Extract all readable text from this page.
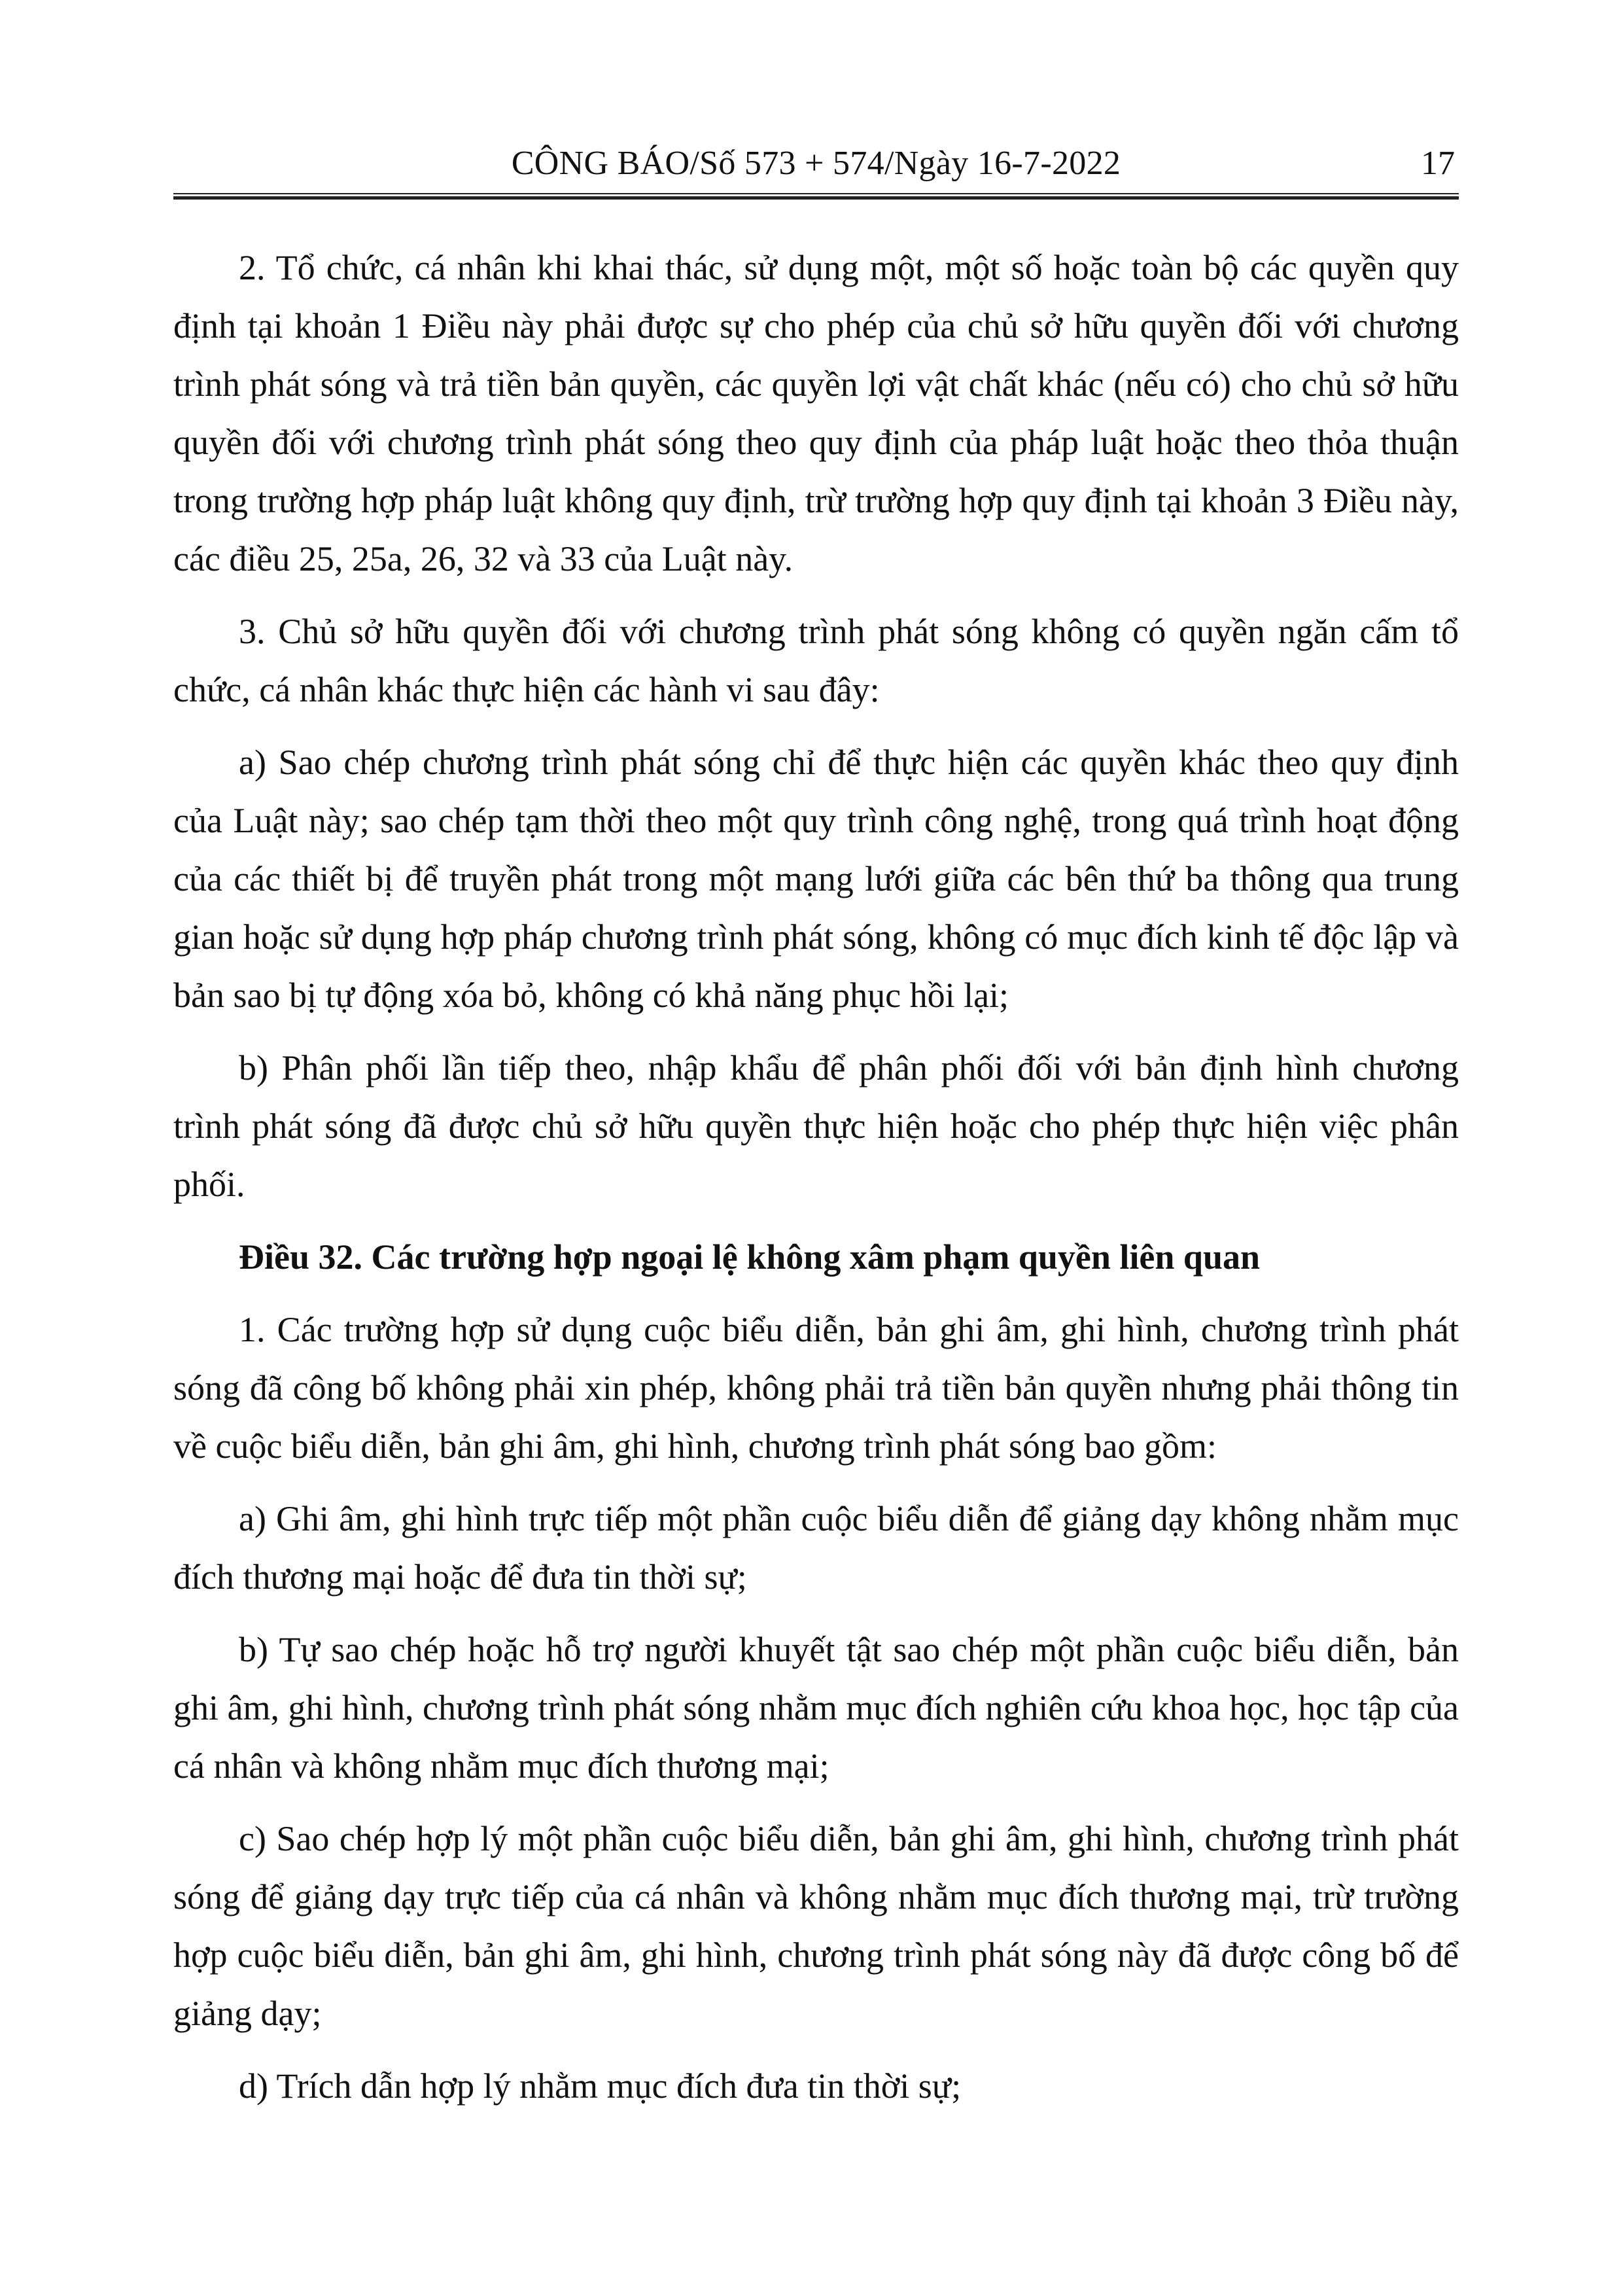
CÔNG BÁO/Số 573 + 574/Ngày 16-7-2022	17

2. Tổ chức, cá nhân khi khai thác, sử dụng một, một số hoặc toàn bộ các quyền quy định tại khoản 1 Điều này phải được sự cho phép của chủ sở hữu quyền đối với chương trình phát sóng và trả tiền bản quyền, các quyền lợi vật chất khác (nếu có) cho chủ sở hữu quyền đối với chương trình phát sóng theo quy định của pháp luật hoặc theo thỏa thuận trong trường hợp pháp luật không quy định, trừ trường hợp quy định tại khoản 3 Điều này, các điều 25, 25a, 26, 32 và 33 của Luật này.

3. Chủ sở hữu quyền đối với chương trình phát sóng không có quyền ngăn cấm tổ chức, cá nhân khác thực hiện các hành vi sau đây:

a) Sao chép chương trình phát sóng chỉ để thực hiện các quyền khác theo quy định của Luật này; sao chép tạm thời theo một quy trình công nghệ, trong quá trình hoạt động của các thiết bị để truyền phát trong một mạng lưới giữa các bên thứ ba thông qua trung gian hoặc sử dụng hợp pháp chương trình phát sóng, không có mục đích kinh tế độc lập và bản sao bị tự động xóa bỏ, không có khả năng phục hồi lại;

b) Phân phối lần tiếp theo, nhập khẩu để phân phối đối với bản định hình chương trình phát sóng đã được chủ sở hữu quyền thực hiện hoặc cho phép thực hiện việc phân phối.

Điều 32. Các trường hợp ngoại lệ không xâm phạm quyền liên quan

1. Các trường hợp sử dụng cuộc biểu diễn, bản ghi âm, ghi hình, chương trình phát sóng đã công bố không phải xin phép, không phải trả tiền bản quyền nhưng phải thông tin về cuộc biểu diễn, bản ghi âm, ghi hình, chương trình phát sóng bao gồm:

a) Ghi âm, ghi hình trực tiếp một phần cuộc biểu diễn để giảng dạy không nhằm mục đích thương mại hoặc để đưa tin thời sự;

b) Tự sao chép hoặc hỗ trợ người khuyết tật sao chép một phần cuộc biểu diễn, bản ghi âm, ghi hình, chương trình phát sóng nhằm mục đích nghiên cứu khoa học, học tập của cá nhân và không nhằm mục đích thương mại;

c) Sao chép hợp lý một phần cuộc biểu diễn, bản ghi âm, ghi hình, chương trình phát sóng để giảng dạy trực tiếp của cá nhân và không nhằm mục đích thương mại, trừ trường hợp cuộc biểu diễn, bản ghi âm, ghi hình, chương trình phát sóng này đã được công bố để giảng dạy;

d) Trích dẫn hợp lý nhằm mục đích đưa tin thời sự;
